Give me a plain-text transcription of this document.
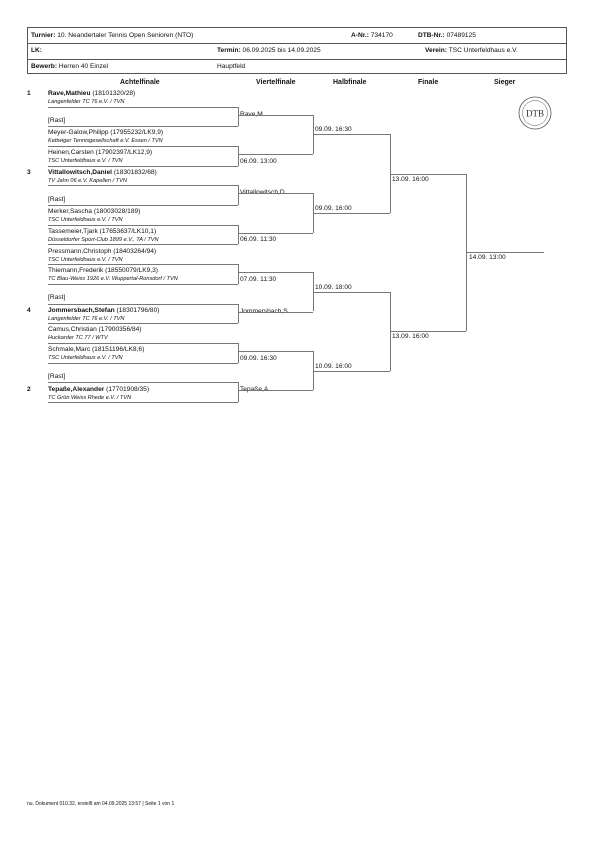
Turnier: 10. Neandertaler Tennis Open Senioren (NTO)	A-Nr.: 734170	DTB-Nr.: 07489125
LK:	Termin: 06.09.2025 bis 14.09.2025	Verein: TSC Unterfeldhaus e.V.
Bewerb: Herren 40 Einzel	Hauptfeld
Achtelfinale	Viertelfinale	Halbfinale	Finale	Sieger
DTB
1	Rave,Mathieu (18101320/28)
Langenfelder TC 76 e.V. / TVN
[Rast]
Meyer-Galow,Philipp (17955232/LK9,9)
Kettwiger Tennisgesellschaft e.V. Essen / TVN
Heinen,Carsten (17902397/LK12,9)
TSC Unterfeldhaus e.V. / TVN
3	Vittallowitsch,Daniel (18301832/68)
TV Jahn 06 e.V. Kapellen / TVN
[Rast]
Merker,Sascha (18003028/189)
TSC Unterfeldhaus e.V. / TVN
Tassemeier,Tjark (17653637/LK10,1)
Düsseldorfer Sport-Club 1899 e.V., TA / TVN
Pressmann,Christoph (18403264/94)
TSC Unterfeldhaus e.V. / TVN
Thiemann,Frederik (18550079/LK9,3)
TC Blau-Weiss 1926 e.V. Wuppertal-Ronsdorf / TVN
[Rast]
4	Jommersbach,Stefan (18301796/80)
Langenfelder TC 76 e.V. / TVN
Camus,Christian (17900356/84)
Huckarder TC 77 / WTV
Schmale,Marc (18151196/LK8,6)
TSC Unterfeldhaus e.V. / TVN
[Rast]
2	Tepaße,Alexander (17701908/35)
TC Grün Weiss Rhede e.V. / TVN
Rave,M.
06.09. 13:00
Vittallowitsch,D.
06.09. 11:30
07.09. 11:30
Jommersbach,S.
09.09. 16:30
Tepaße,A.
09.09. 16:30
09.09. 16:00
10.09. 18:00
10.09. 16:00
13.09. 16:00
13.09. 16:00
14.09. 13:00
nu. Dokument 010.32, erstellt am 04.09.2025 13:57 | Seite 1 von 1
